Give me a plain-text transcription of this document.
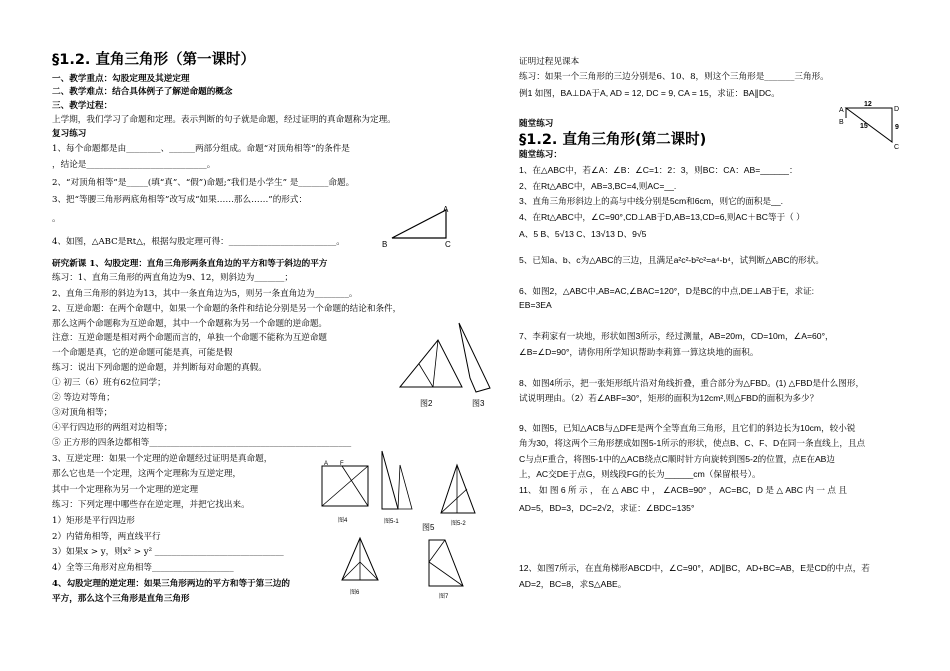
§1.2. 直角三角形（第一课时）
一、教学重点：勾股定理及其逆定理
二、教学难点：结合具体例子了解逆命题的概念
三、教学过程：
上学期，我们学习了命题和定理。表示判断的句子就是命题，经过证明的真命题称为定理。
复习练习
1、每个命题都是由________、______两部分组成。命题“对顶角相等”的条件是
，结论是____________________________。
2、“对顶角相等”是_____(填“真”、“假”)命题;“我们是小学生” 是_______命题。
3、把“等腰三角形两底角相等”改写成“如果……那么……”的形式：
。
4、如图，△ABC是Rt△，根据勾股定理可得：_________________________。
研究新课 1、勾股定理：直角三角形两条直角边的平方和等于斜边的平方
练习：1、直角三角形的两直角边为9、12，则斜边为_______；
2、直角三角形的斜边为13，其中一条直角边为5，则另一条直角边为________。
2、互逆命题：在两个命题中，如果一个命题的条件和结论分别是另一个命题的结论和条件，
那么这两个命题称为互逆命题，其中一个命题称为另一个命题的逆命题。
注意：互逆命题是相对两个命题而言的，单独一个命题不能称为互逆命题
一个命题是真，它的逆命题可能是真，可能是假
练习：说出下列命题的逆命题，并判断每对命题的真假。
① 初三（6）班有62位同学；
② 等边对等角；
③对顶角相等；
④平行四边形的两组对边相等；
⑤ 正方形的四条边都相等_______________________________________________
3、互逆定理：如果一个定理的逆命题经过证明是真命题，
那么它也是一个定理，这两个定理称为互逆定理，
其中一个定理称为另一个定理的逆定理
练习：下列定理中哪些存在逆定理，并把它找出来。
1）矩形是平行四边形
2）内错角相等，两直线平行
3）如果x > y，则x² > y² ______________________________
4）全等三角形对应角相等___________________
4、勾股定理的逆定理：如果三角形两边的平方和等于第三边的
平方，那么这个三角形是直角三角形
A
B	C
图2	图3
A F
图4	图5-1
图5	图5-2
图6
图7
证明过程见课本
练习：如果一个三角形的三边分别是6、10、8，则这个三角形是_______三角形。
例1 如图，BA⊥DA于A, AD = 12, DC = 9, CA = 15，求证：BA∥DC。
随堂练习
§1.2. 直角三角形(第二课时)
随堂练习：
1、在△ABC中，若∠A：∠B：∠C=1：2：3，则BC：CA：AB=______：
2、在Rt△ABC中，AB=3,BC=4,则AC=__.
3、直角三角形斜边上的高与中线分别是5cm和6cm，则它的面积是__.
4、在Rt△ABC中，∠C=90°,CD⊥AB于D,AB=13,CD=6,则AC＋BC等于（ ）
A、5 B、5√13 C、13√13 D、9√5
5、已知a、b、c为△ABC的三边，且满足a²c²-b²c²=a⁴-b⁴，试判断△ABC的形状。
6、如图2，△ABC中,AB=AC,∠BAC=120°，D是BC的中点,DE⊥AB于E，求证:
EB=3EA
7、李莉家有一块地，形状如图3所示，经过测量，AB=20m，CD=10m，∠A=60°，
∠B=∠D=90°，请你用所学知识帮助李莉算一算这块地的面积。
8、如图4所示，把一张矩形纸片沿对角线折叠，重合部分为△FBD。(1) △FBD是什么图形，
试说明理由。（2）若∠ABF=30°，矩形的面积为12cm²,则△FBD的面积为多少？
9、如图5，已知△ACB与△DFE是两个全等直角三角形，且它们的斜边长为10cm，较小锐
角为30，将这两个三角形摆成如图5-1所示的形状，使点B、C、F、D在同一条直线上，且点
C与点F重合，将图5-1中的△ACB绕点C顺时针方向旋转到图5-2的位置，点E在AB边
上，AC交DE于点G，则线段FG的长为______cm（保留根号）。
11、 如 图 6 所 示 ， 在 △ ABC 中 ， ∠ACB=90° ， AC=BC，D 是 △ ABC 内 一 点 且
AD=5，BD=3，DC=2√2，求证：∠BDC=135°
12、如图7所示，在直角梯形ABCD中，∠C=90°，AD∥BC，AD+BC=AB，E是CD的中点，若
AD=2，BC=8，求S△ABE。
A
B
D
C
12
15	9
